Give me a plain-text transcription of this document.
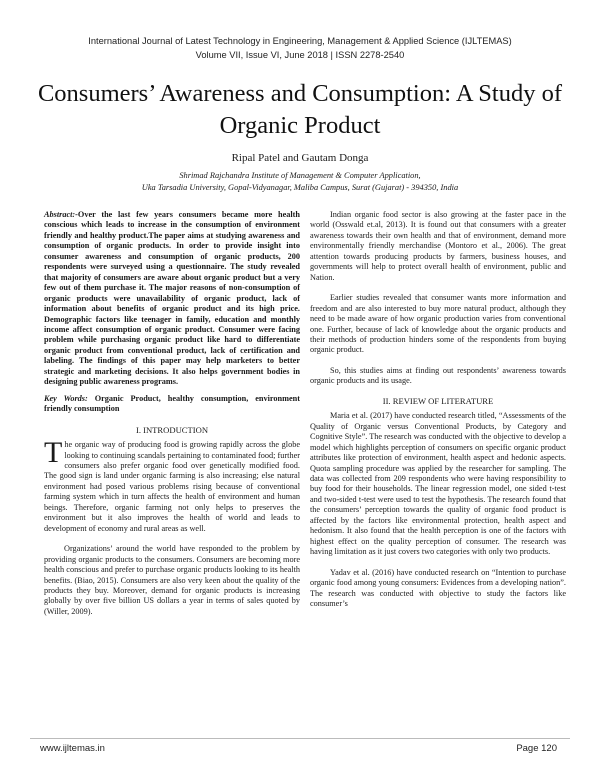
International Journal of Latest Technology in Engineering, Management & Applied Science (IJLTEMAS)
Volume VII, Issue VI, June 2018 | ISSN 2278-2540
Consumers’ Awareness and Consumption: A Study of Organic Product
Ripal Patel and Gautam Donga
Shrimad Rajchandra Institute of Management & Computer Application,
Uka Tarsadia University, Gopal-Vidyanagar, Maliba Campus, Surat (Gujarat) - 394350, India

Abstract:-Over the last few years consumers became more health conscious which leads to increase in the consumption of environment friendly and healthy product.The paper aims at studying awareness and consumption of organic products. In order to provide insight into consumer awareness and consumption of organic products, 200 respondents were surveyed using a questionnaire. The study revealed that majority of consumers are aware about organic product but a very few out of them purchase it. The major reasons of non-consumption of organic products were unavailability of organic product, lack of information about benefits of organic product and its high price. Demographic factors like teenager in family, education and monthly income affect consumption of organic product. Consumer were facing problem while purchasing organic product like hard to differentiate organic product from conventional product, lack of certification and labeling. The findings of this paper may help marketers to better strategic and marketing decisions. It also helps government bodies in designing public awareness programs.

Key Words: Organic Product, healthy consumption, environment friendly consumption

I. INTRODUCTION

The organic way of producing food is growing rapidly across the globe looking to continuing scandals pertaining to contaminated food; further consumers also prefer organic food over genetically modified food. The good sign is land under organic farming is also increasing; else natural environment had posed various problems rising because of conventional farming system which in turn affects the health of environment and human beings. Therefore, organic farming not only helps to preserves the environment but it also improves the health of world and leads to development of economy and rural areas as well.

Organizations’ around the world have responded to the problem by providing organic products to the consumers. Consumers are becoming more health conscious and prefer to purchase organic products looking to its health benefits. (Biao, 2015). Consumers are also very keen about the quality of the products they buy. Moreover, demand for organic products is increasing globally by over five billion US dollars a year in terms of sales quoted by (Willer, 2009).

Indian organic food sector is also growing at the faster pace in the world (Osswald et.al, 2013). It is found out that consumers with a greater awareness towards their own health and that of environment, demand more environmentally friendly merchandise (Montoro et al., 2006). The great attention towards producing products by farmers, business houses, and governments will help to protect overall health of environment, public and Nation.

Earlier studies revealed that consumer wants more information and freedom and are also interested to buy more natural product, although they need to be made aware of how organic production varies from conventional one. Further, because of lack of knowledge about the organic products and their methods of production hinders some of the respondents from buying organic product.

So, this studies aims at finding out respondents’ awareness towards organic products and its usage.

II. REVIEW OF LITERATURE

Maria et al. (2017) have conducted research titled, “Assessments of the Quality of Organic versus Conventional Products, by Category and Cognitive Style”. The research was conducted with the objective to develop a model which highlights perception of consumers on specific organic product attributes like protection of environment, health aspect and hedonic aspects. Quota sampling procedure was applied by the researcher for sampling. The data was collected from 209 respondents who were having responsibility to buy food for their households. The linear regression model, one sided t-test and two-sided t-test were used to test the hypothesis. The research found that the consumers’ perception towards the quality of organic food product is affected by the factors like environmental protection, health aspect and hedonism. It also found that the health perception is one of the factors with highest effect on the quality perception of consumer. The research was having limitation as it just covers two categories with only two products.

Yadav et al. (2016) have conducted research on “Intention to purchase organic food among young consumers: Evidences from a developing nation”. The research was conducted with objective to study the factors like consumer’s

www.ijltemas.in	Page 120
